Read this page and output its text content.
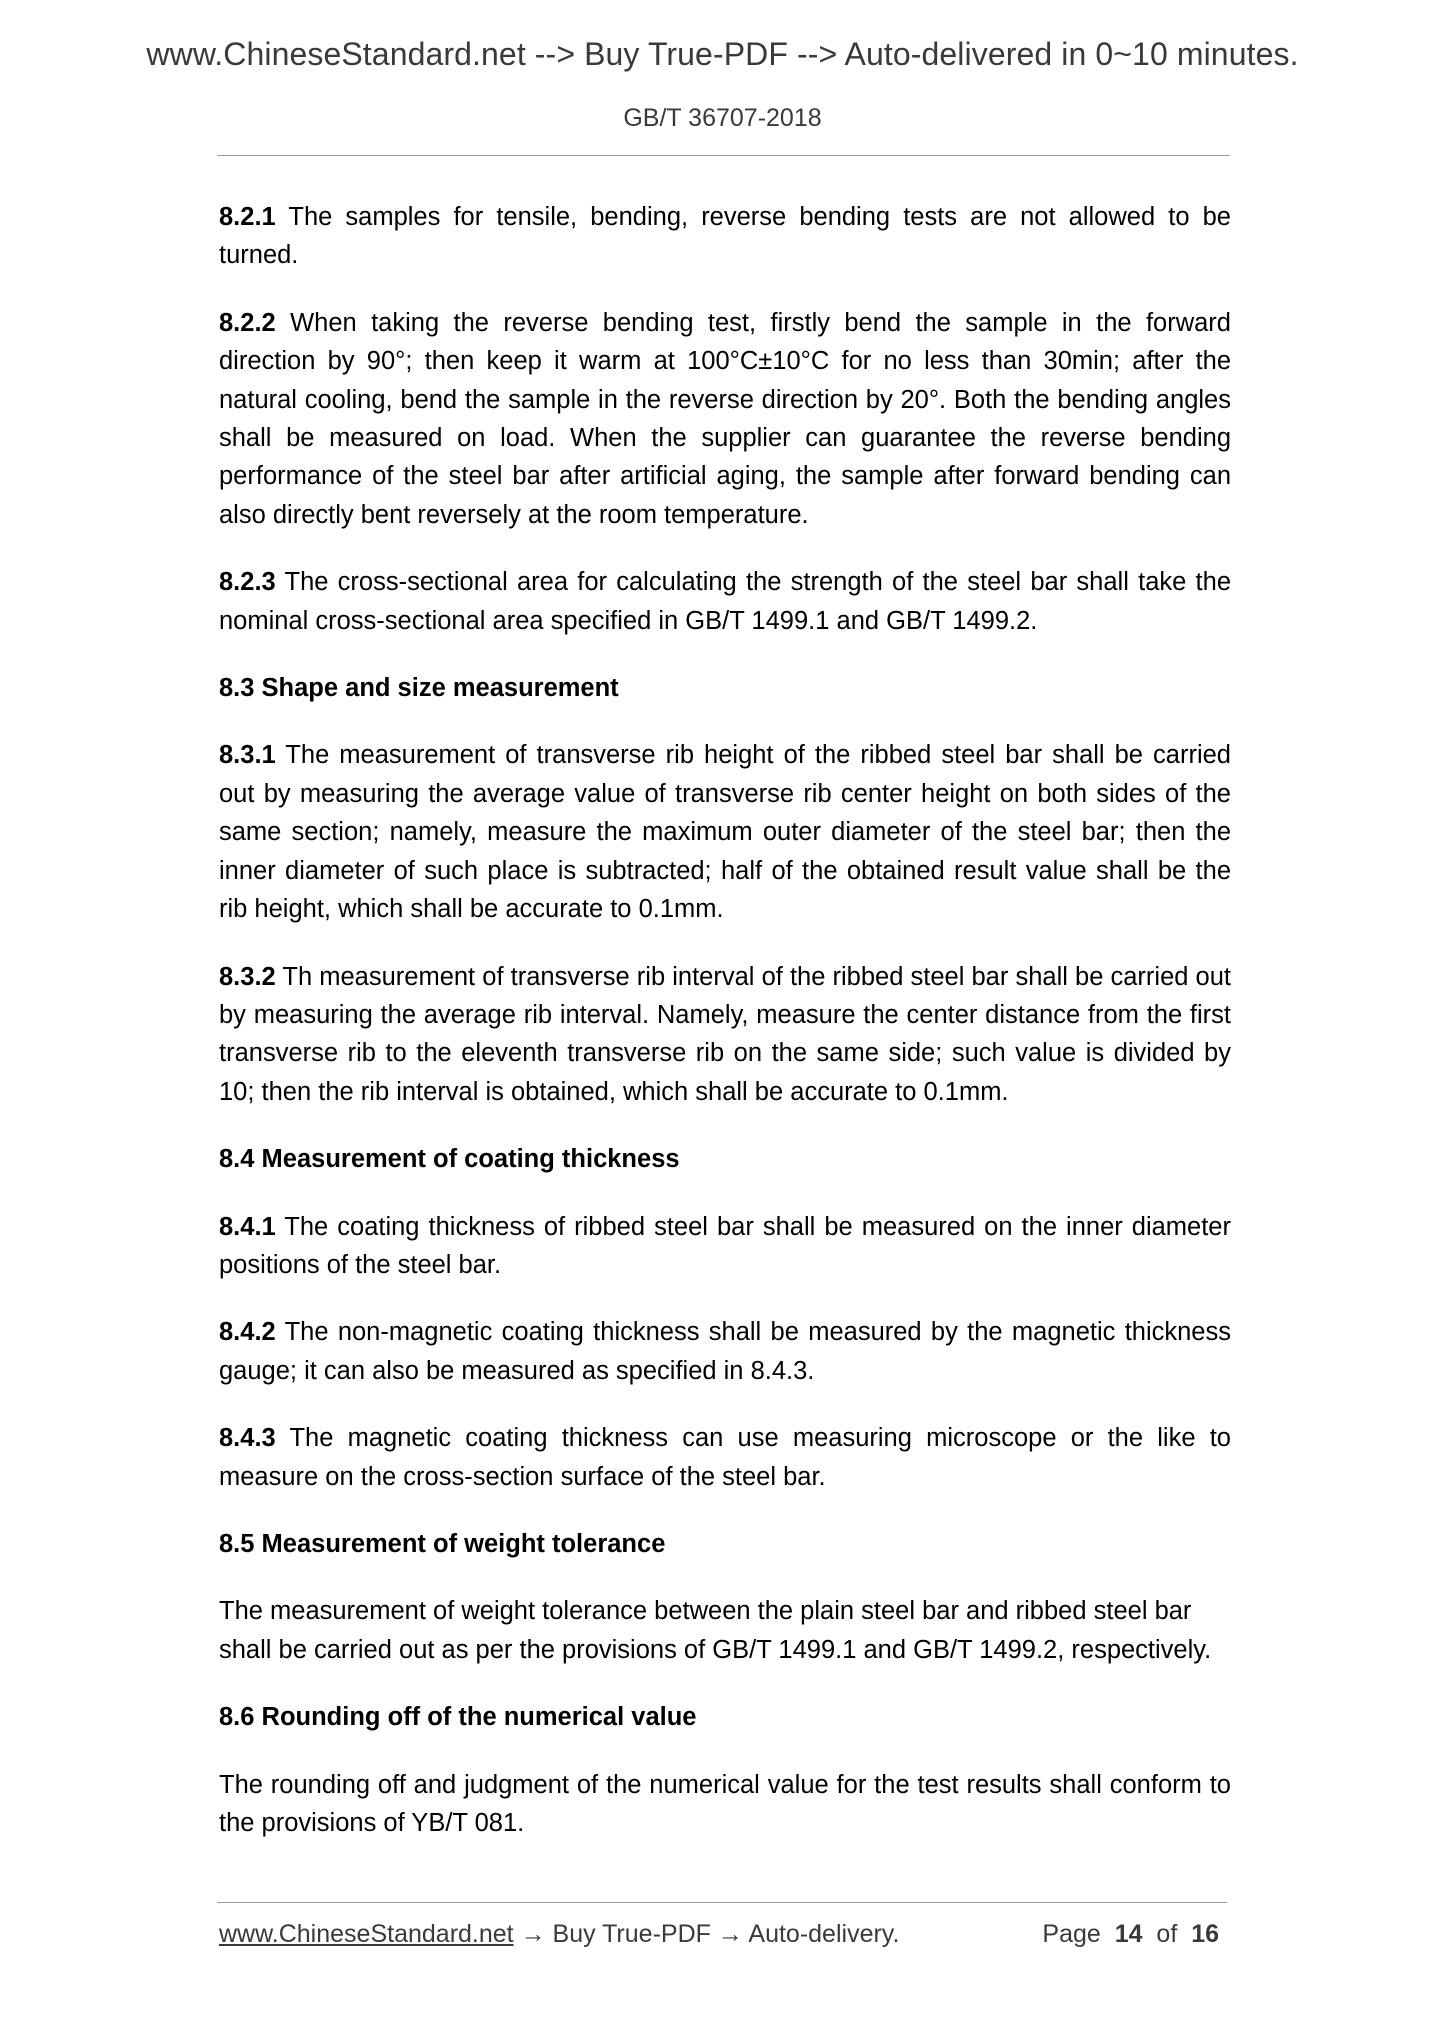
www.ChineseStandard.net --> Buy True-PDF --> Auto-delivered in 0~10 minutes.
GB/T 36707-2018

8.2.1 The samples for tensile, bending, reverse bending tests are not allowed to be turned.

8.2.2 When taking the reverse bending test, firstly bend the sample in the forward direction by 90°; then keep it warm at 100°C±10°C for no less than 30min; after the natural cooling, bend the sample in the reverse direction by 20°. Both the bending angles shall be measured on load. When the supplier can guarantee the reverse bending performance of the steel bar after artificial aging, the sample after forward bending can also directly bent reversely at the room temperature.

8.2.3 The cross-sectional area for calculating the strength of the steel bar shall take the nominal cross-sectional area specified in GB/T 1499.1 and GB/T 1499.2.

8.3 Shape and size measurement

8.3.1 The measurement of transverse rib height of the ribbed steel bar shall be carried out by measuring the average value of transverse rib center height on both sides of the same section; namely, measure the maximum outer diameter of the steel bar; then the inner diameter of such place is subtracted; half of the obtained result value shall be the rib height, which shall be accurate to 0.1mm.

8.3.2 Th measurement of transverse rib interval of the ribbed steel bar shall be carried out by measuring the average rib interval. Namely, measure the center distance from the first transverse rib to the eleventh transverse rib on the same side; such value is divided by 10; then the rib interval is obtained, which shall be accurate to 0.1mm.

8.4 Measurement of coating thickness

8.4.1 The coating thickness of ribbed steel bar shall be measured on the inner diameter positions of the steel bar.

8.4.2 The non-magnetic coating thickness shall be measured by the magnetic thickness gauge; it can also be measured as specified in 8.4.3.

8.4.3 The magnetic coating thickness can use measuring microscope or the like to measure on the cross-section surface of the steel bar.

8.5 Measurement of weight tolerance

The measurement of weight tolerance between the plain steel bar and ribbed steel bar shall be carried out as per the provisions of GB/T 1499.1 and GB/T 1499.2, respectively.

8.6 Rounding off of the numerical value

The rounding off and judgment of the numerical value for the test results shall conform to the provisions of YB/T 081.

www.ChineseStandard.net → Buy True-PDF → Auto-delivery.	Page 14 of 16
